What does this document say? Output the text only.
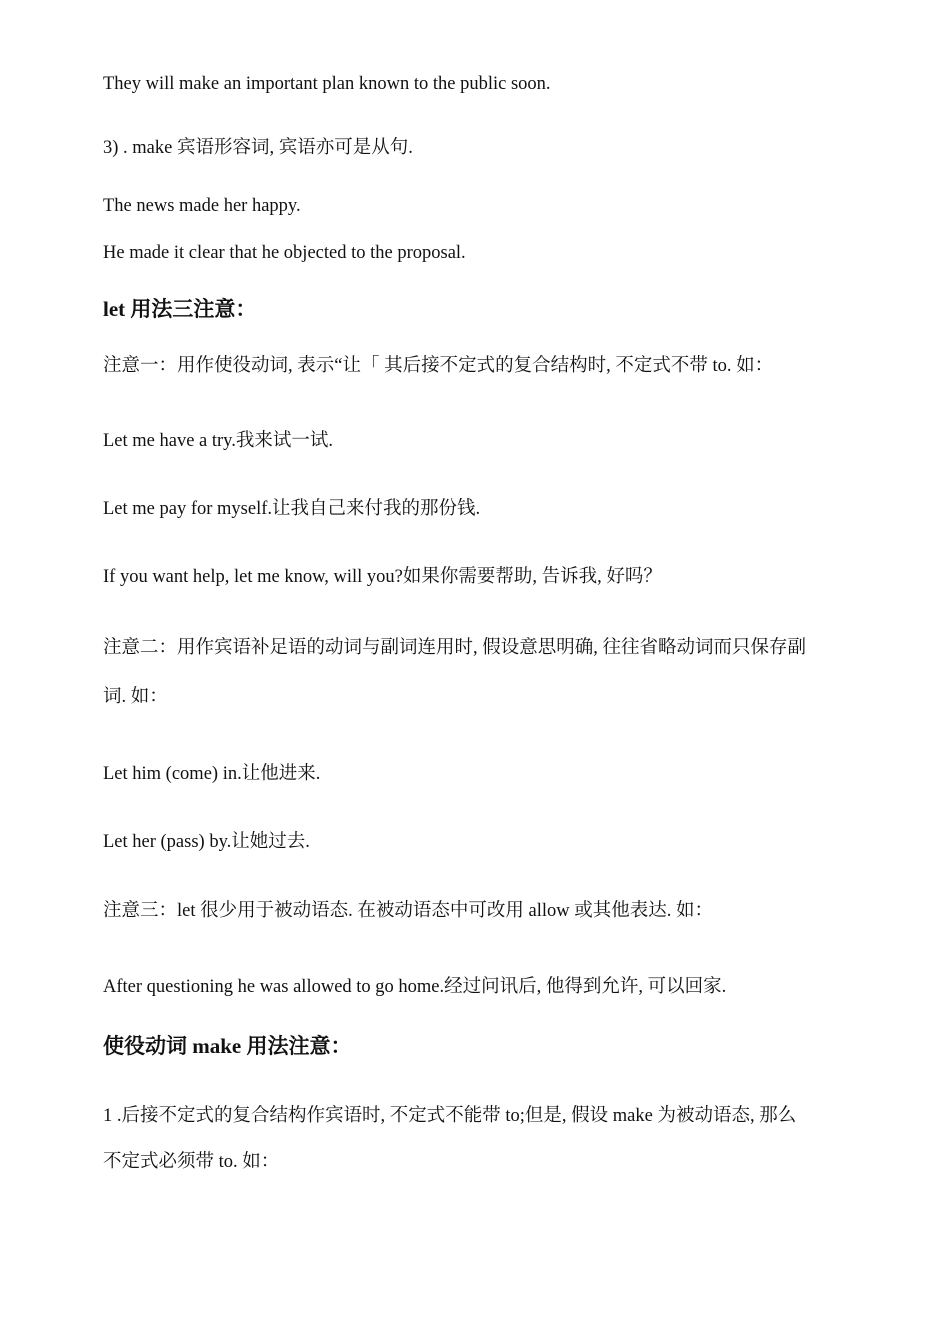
They will make an important plan known to the public soon.
3) . make 宾语形容词, 宾语亦可是从句.
The news made her happy.
He made it clear that he objected to the proposal.
let 用法三注意：
注意一：用作使役动词, 表示“让「 其后接不定式的复合结构时, 不定式不带 to. 如：
Let me have a try.我来试一试.
Let me pay for myself.让我自己来付我的那份钱.
If you want help, let me know, will you?如果你需要帮助, 告诉我, 好吗？
注意二：用作宾语补足语的动词与副词连用时, 假设意思明确, 往往省略动词而只保存副
词. 如：
Let him (come) in.让他进来.
Let her (pass) by.让她过去.
注意三：let 很少用于被动语态. 在被动语态中可改用 allow 或其他表达. 如：
After questioning he was allowed to go home.经过问讯后, 他得到允许, 可以回家.
使役动词 make 用法注意：
1 .后接不定式的复合结构作宾语时, 不定式不能带 to;但是, 假设 make 为被动语态, 那么
不定式必须带 to. 如：
